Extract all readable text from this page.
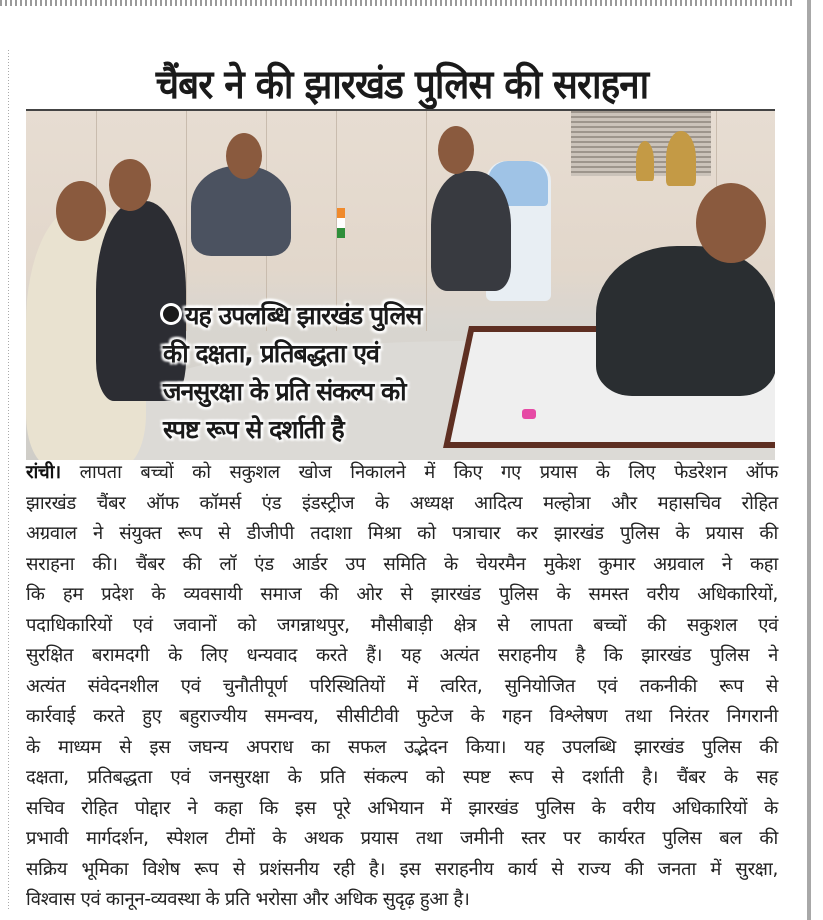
चैंबर ने की झारखंड पुलिस की सराहना
यह उपलब्धि झारखंड पुलिस
की दक्षता, प्रतिबद्धता एवं
जनसुरक्षा के प्रति संकल्प को
स्पष्ट रूप से दर्शाती है
रांची। लापता बच्चों को सकुशल खोज निकालने में किए गए प्रयास के लिए फेडरेशन ऑफ
झारखंड चैंबर ऑफ कॉमर्स एंड इंडस्ट्रीज के अध्यक्ष आदित्य मल्होत्रा और महासचिव रोहित
अग्रवाल ने संयुक्त रूप से डीजीपी तदाशा मिश्रा को पत्राचार कर झारखंड पुलिस के प्रयास की
सराहना की। चैंबर की लॉ एंड आर्डर उप समिति के चेयरमैन मुकेश कुमार अग्रवाल ने कहा
कि हम प्रदेश के व्यवसायी समाज की ओर से झारखंड पुलिस के समस्त वरीय अधिकारियों,
पदाधिकारियों एवं जवानों को जगन्नाथपुर, मौसीबाड़ी क्षेत्र से लापता बच्चों की सकुशल एवं
सुरक्षित बरामदगी के लिए धन्यवाद करते हैं। यह अत्यंत सराहनीय है कि झारखंड पुलिस ने
अत्यंत संवेदनशील एवं चुनौतीपूर्ण परिस्थितियों में त्वरित, सुनियोजित एवं तकनीकी रूप से
कार्रवाई करते हुए बहुराज्यीय समन्वय, सीसीटीवी फुटेज के गहन विश्लेषण तथा निरंतर निगरानी
के माध्यम से इस जघन्य अपराध का सफल उद्भेदन किया। यह उपलब्धि झारखंड पुलिस की
दक्षता, प्रतिबद्धता एवं जनसुरक्षा के प्रति संकल्प को स्पष्ट रूप से दर्शाती है। चैंबर के सह
सचिव रोहित पोद्दार ने कहा कि इस पूरे अभियान में झारखंड पुलिस के वरीय अधिकारियों के
प्रभावी मार्गदर्शन, स्पेशल टीमों के अथक प्रयास तथा जमीनी स्तर पर कार्यरत पुलिस बल की
सक्रिय भूमिका विशेष रूप से प्रशंसनीय रही है। इस सराहनीय कार्य से राज्य की जनता में सुरक्षा,
विश्वास एवं कानून-व्यवस्था के प्रति भरोसा और अधिक सुदृढ़ हुआ है।
